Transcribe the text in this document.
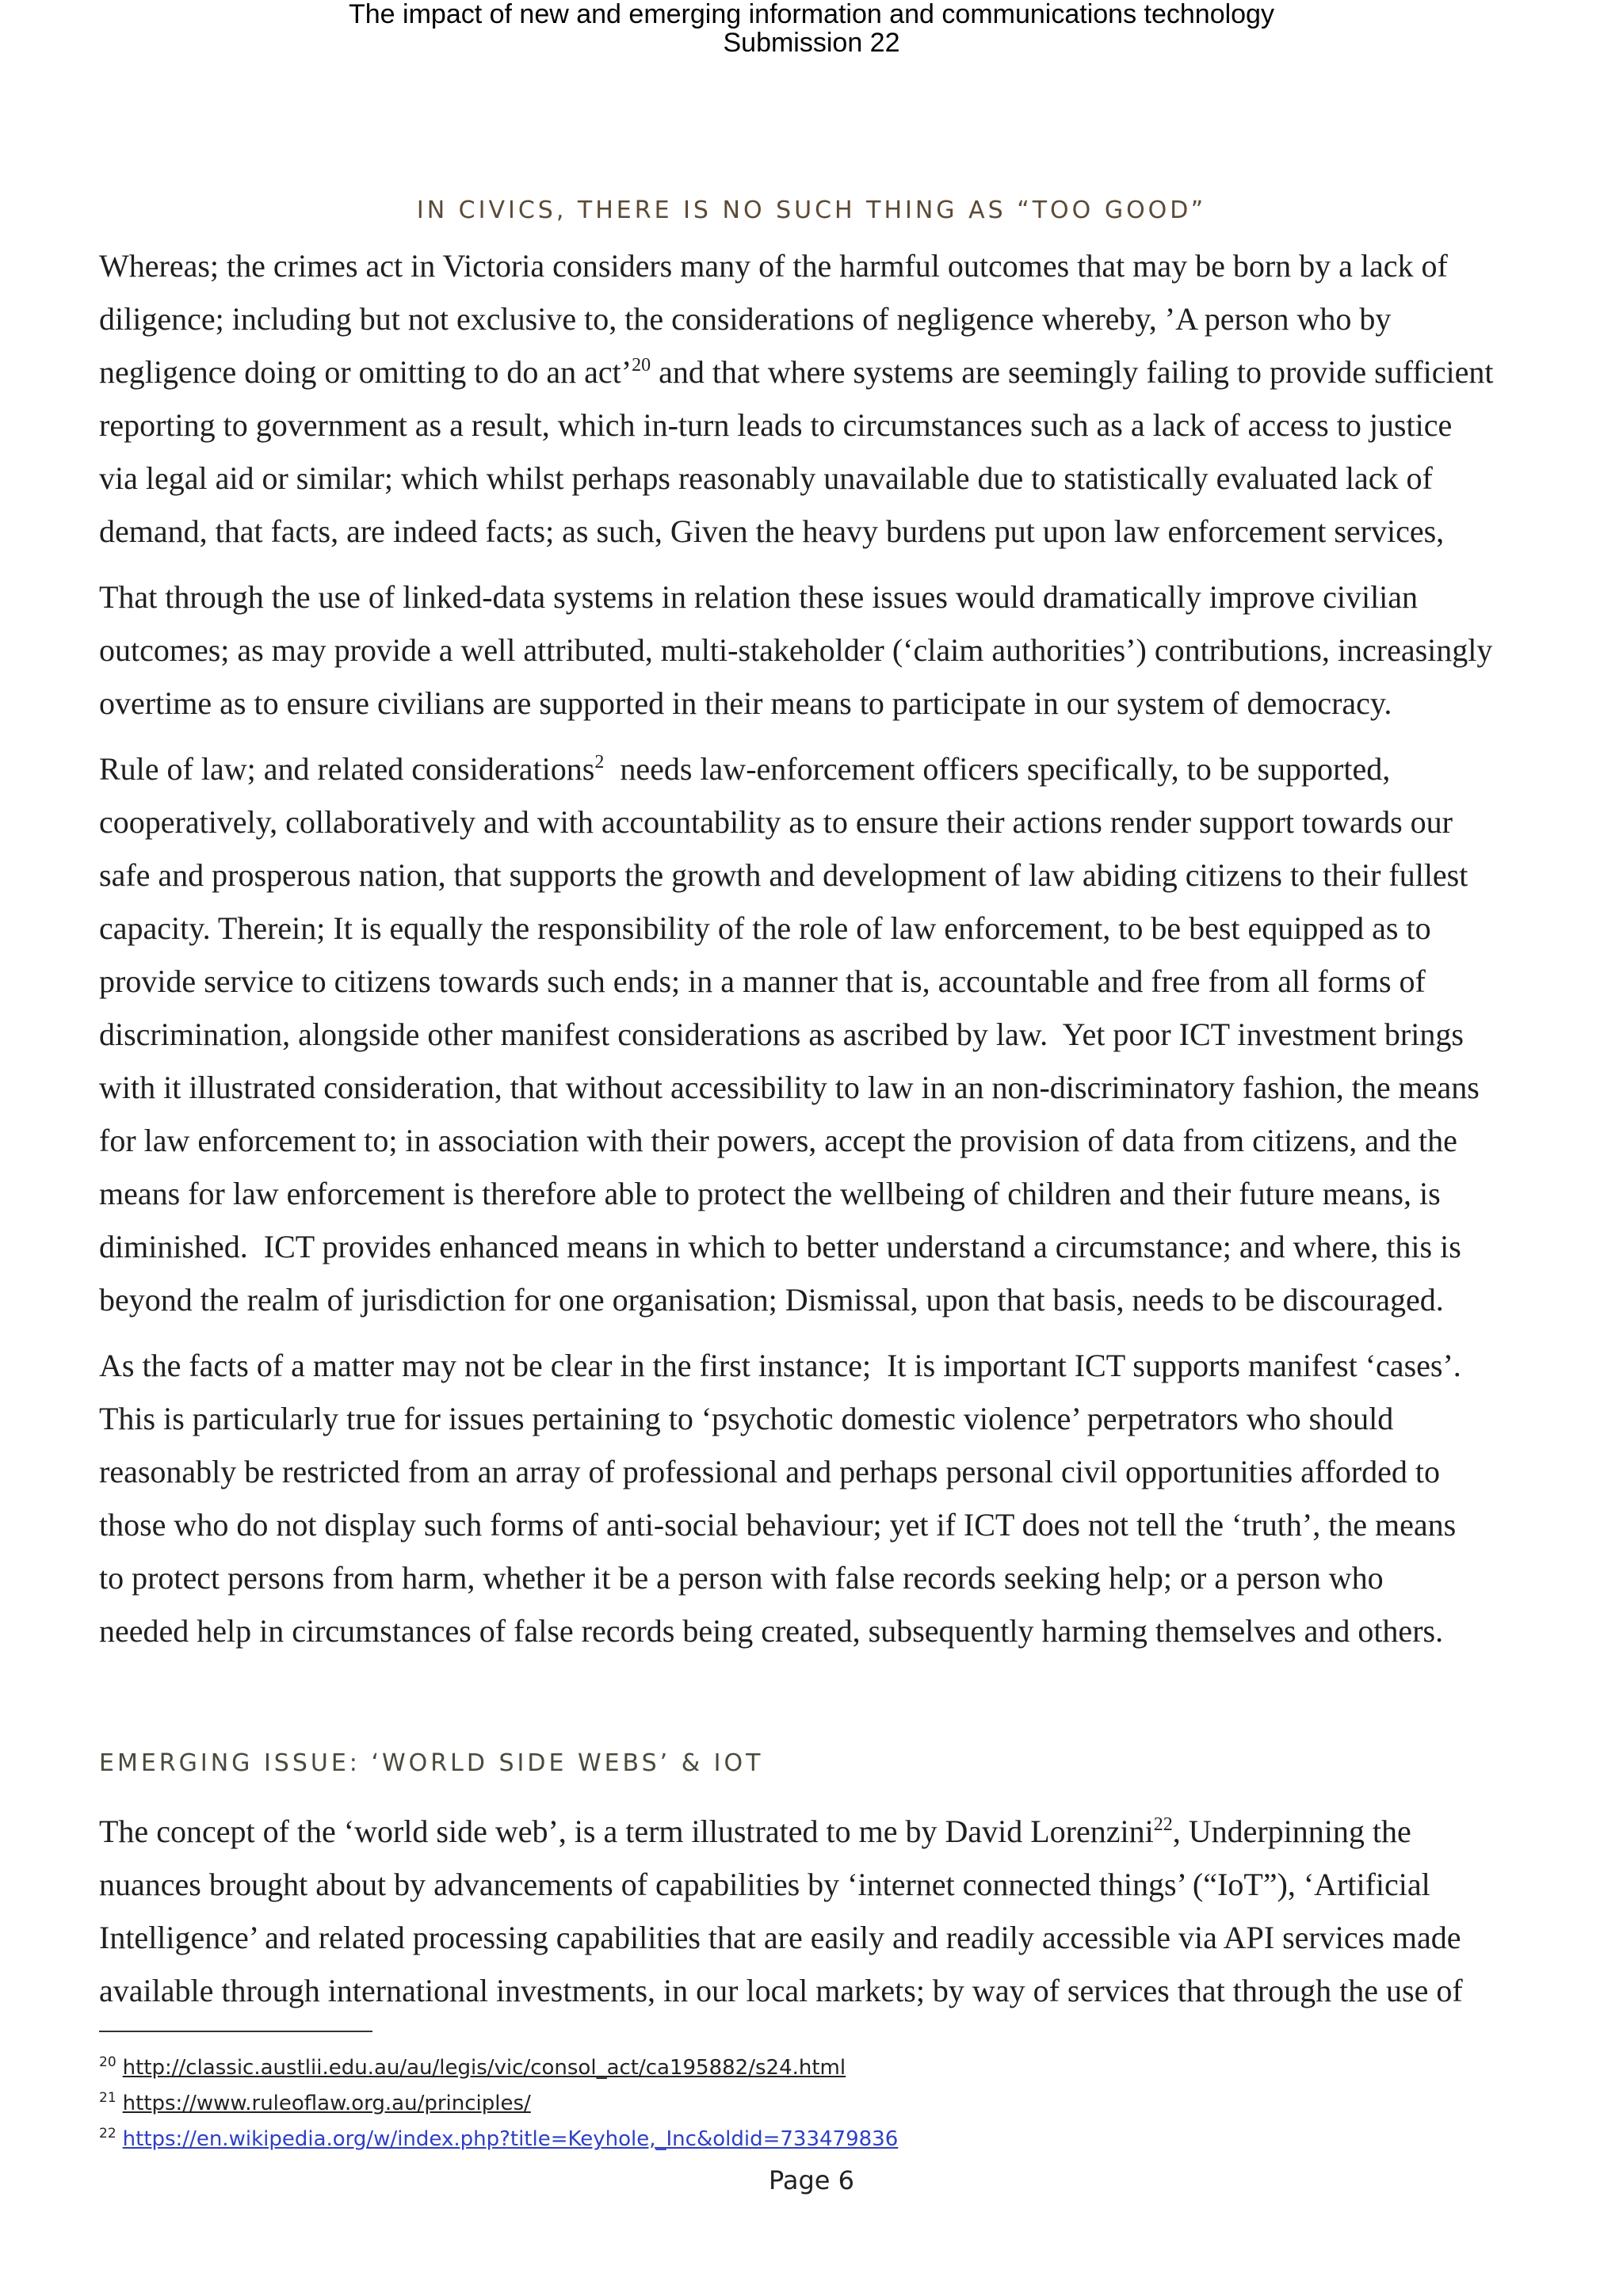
The impact of new and emerging information and communications technology
Submission 22
IN CIVICS, THERE IS NO SUCH THING AS “TOO GOOD”

Whereas; the crimes act in Victoria considers many of the harmful outcomes that may be born by a lack of
diligence; including but not exclusive to, the considerations of negligence whereby, ’A person who by
negligence doing or omitting to do an act’$^{20}$ and that where systems are seemingly failing to provide sufficient
reporting to government as a result, which in-turn leads to circumstances such as a lack of access to justice
via legal aid or similar; which whilst perhaps reasonably unavailable due to statistically evaluated lack of
demand, that facts, are indeed facts; as such, Given the heavy burdens put upon law enforcement services,

That through the use of linked-data systems in relation these issues would dramatically improve civilian
outcomes; as may provide a well attributed, multi-stakeholder (‘claim authorities’) contributions, increasingly
overtime as to ensure civilians are supported in their means to participate in our system of democracy.

Rule of law; and related considerations$^2$  needs law-enforcement officers specifically, to be supported,
cooperatively, collaboratively and with accountability as to ensure their actions render support towards our
safe and prosperous nation, that supports the growth and development of law abiding citizens to their fullest
capacity. Therein; It is equally the responsibility of the role of law enforcement, to be best equipped as to
provide service to citizens towards such ends; in a manner that is, accountable and free from all forms of
discrimination, alongside other manifest considerations as ascribed by law.  Yet poor ICT investment brings
with it illustrated consideration, that without accessibility to law in an non-discriminatory fashion, the means
for law enforcement to; in association with their powers, accept the provision of data from citizens, and the
means for law enforcement is therefore able to protect the wellbeing of children and their future means, is
diminished.  ICT provides enhanced means in which to better understand a circumstance; and where, this is
beyond the realm of jurisdiction for one organisation; Dismissal, upon that basis, needs to be discouraged.

As the facts of a matter may not be clear in the first instance;  It is important ICT supports manifest ‘cases’.
This is particularly true for issues pertaining to ‘psychotic domestic violence’ perpetrators who should
reasonably be restricted from an array of professional and perhaps personal civil opportunities afforded to
those who do not display such forms of anti-social behaviour; yet if ICT does not tell the ‘truth’, the means
to protect persons from harm, whether it be a person with false records seeking help; or a person who
needed help in circumstances of false records being created, subsequently harming themselves and others.

EMERGING ISSUE: ‘WORLD SIDE WEBS’ & IOT

The concept of the ‘world side web’, is a term illustrated to me by David Lorenzini$^{22}$, Underpinning the
nuances brought about by advancements of capabilities by ‘internet connected things’ (“IoT”), ‘Artificial
Intelligence’ and related processing capabilities that are easily and readily accessible via API services made
available through international investments, in our local markets; by way of services that through the use of

$^{20}$ http://classic.austlii.edu.au/au/legis/vic/consol_act/ca195882/s24.html
$^{21}$ https://www.ruleoflaw.org.au/principles/
$^{22}$ https://en.wikipedia.org/w/index.php?title=Keyhole,_Inc&oldid=733479836
Page 6
